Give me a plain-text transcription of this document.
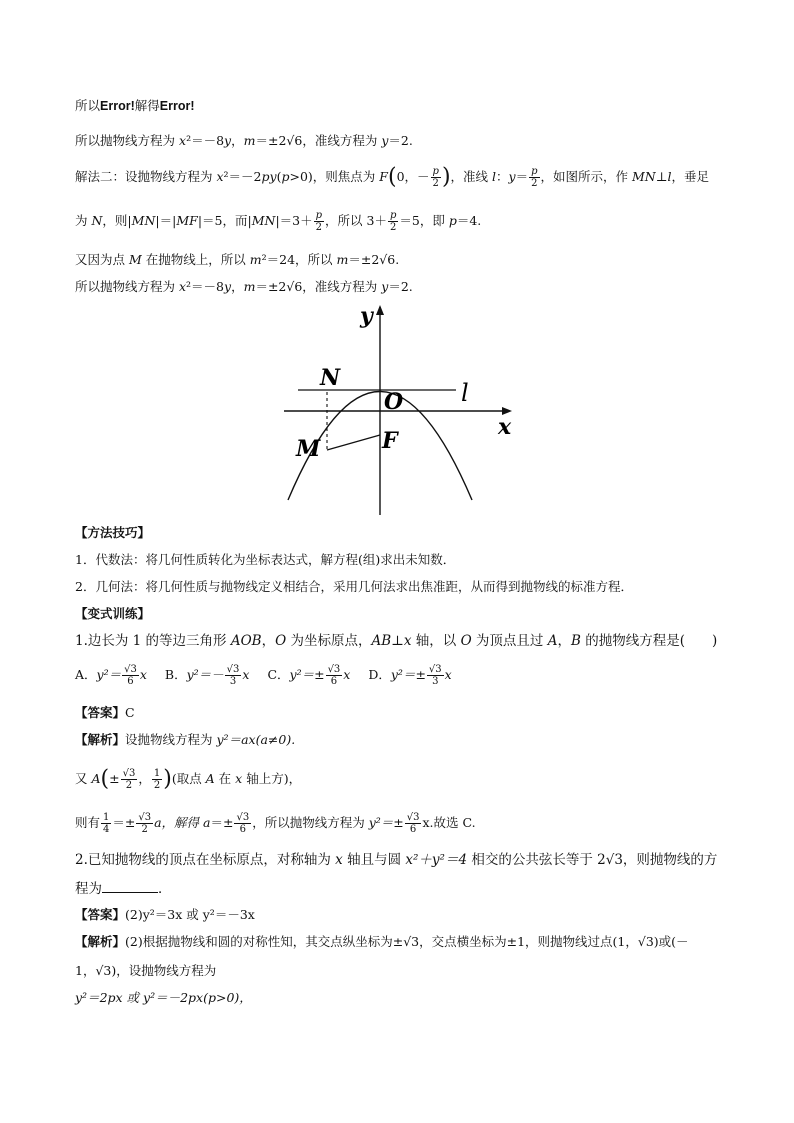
所以Error!解得Error!
所以抛物线方程为 x²＝－8y，m＝±2√6，准线方程为 y＝2.
解法二：设抛物线方程为 x²＝－2py(p>0)，则焦点为 F(0，－ $\frac{p}{2}$ )，准线 l：$y= \frac{p}{2}$ ，如图所示，作 MN⊥l，垂足
为 N，则|MN|＝|MF|＝5，而$|MN|=3+ \frac{p}{2}$ ，所以 $3+ \frac{p}{2} =5$，即 p＝4.
又因为点 M 在抛物线上，所以 m²＝24，所以 m＝±2√6.
所以抛物线方程为 x²＝－8y，m＝±2√6，准线方程为 y＝2.
y
x
N
O l
M	F
【方法技巧】
1．代数法：将几何性质转化为坐标表达式，解方程(组)求出未知数．
2．几何法：将几何性质与抛物线定义相结合，采用几何法求出焦准距，从而得到抛物线的标准方程．
【变式训练】
1.边长为 1 的等边三角形 AOB，O 为坐标原点，AB⊥x 轴，以 O 为顶点且过 A，B 的抛物线方程是(　　)
A．$y^2= \frac{√3}{6}$ x B．$y^2=- \frac{√3}{3}$ x C．$y^2=\pm \frac{√3}{6}$ x D．$y^2=\pm \frac{√3}{3}$ x
【答案】C
【解析】设抛物线方程为 y²＝ax(a≠0).
又 $A(\pm \frac{√3}{2}$ ， $\frac{1}{2}$ )(取点 A 在 x 轴上方)，
则有 $\frac{1}{4} =\pm \frac{√3}{2}$ a，解得 $a=\pm \frac{√3}{6}$ ，所以抛物线方程为 $y^2=\pm \frac{√3}{6} x$.故选 C.
2.已知抛物线的顶点在坐标原点，对称轴为 x 轴且与圆 x²＋y²＝4 相交的公共弦长等于 2√3，则抛物线的方
程为	．
【答案】(2)y²＝3x 或 y²＝－3x
【解析】(2)根据抛物线和圆的对称性知，其交点纵坐标为±√3，交点横坐标为±1，则抛物线过点(1，√3)或(－
1，√3)，设抛物线方程为
y²＝2px 或 y²＝－2px(p>0)，
